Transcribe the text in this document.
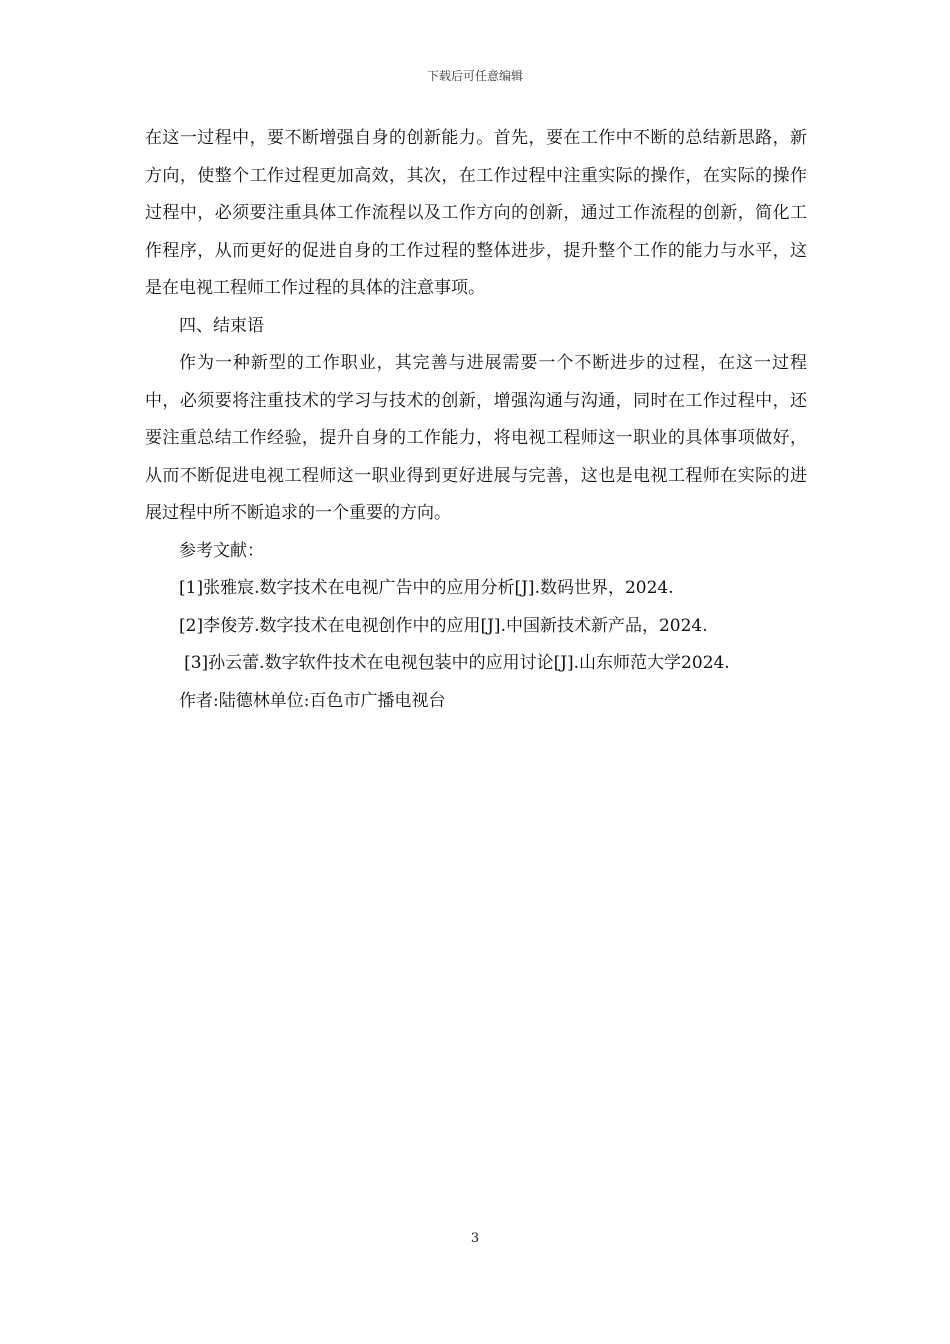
下载后可任意编辑

在这一过程中，要不断增强自身的创新能力。首先，要在工作中不断的总结新思路，新方向，使整个工作过程更加高效，其次，在工作过程中注重实际的操作，在实际的操作过程中，必须要注重具体工作流程以及工作方向的创新，通过工作流程的创新，简化工作程序，从而更好的促进自身的工作过程的整体进步，提升整个工作的能力与水平，这是在电视工程师工作过程的具体的注意事项。

四、结束语

作为一种新型的工作职业，其完善与进展需要一个不断进步的过程，在这一过程中，必须要将注重技术的学习与技术的创新，增强沟通与沟通，同时在工作过程中，还要注重总结工作经验，提升自身的工作能力，将电视工程师这一职业的具体事项做好，从而不断促进电视工程师这一职业得到更好进展与完善，这也是电视工程师在实际的进展过程中所不断追求的一个重要的方向。

参考文献：

[1]张雅宸.数字技术在电视广告中的应用分析[J].数码世界，2024.

[2]李俊芳.数字技术在电视创作中的应用[J].中国新技术新产品，2024.

[3]孙云蕾.数字软件技术在电视包装中的应用讨论[J].山东师范大学2024.

作者:陆德林单位:百色市广播电视台

3
